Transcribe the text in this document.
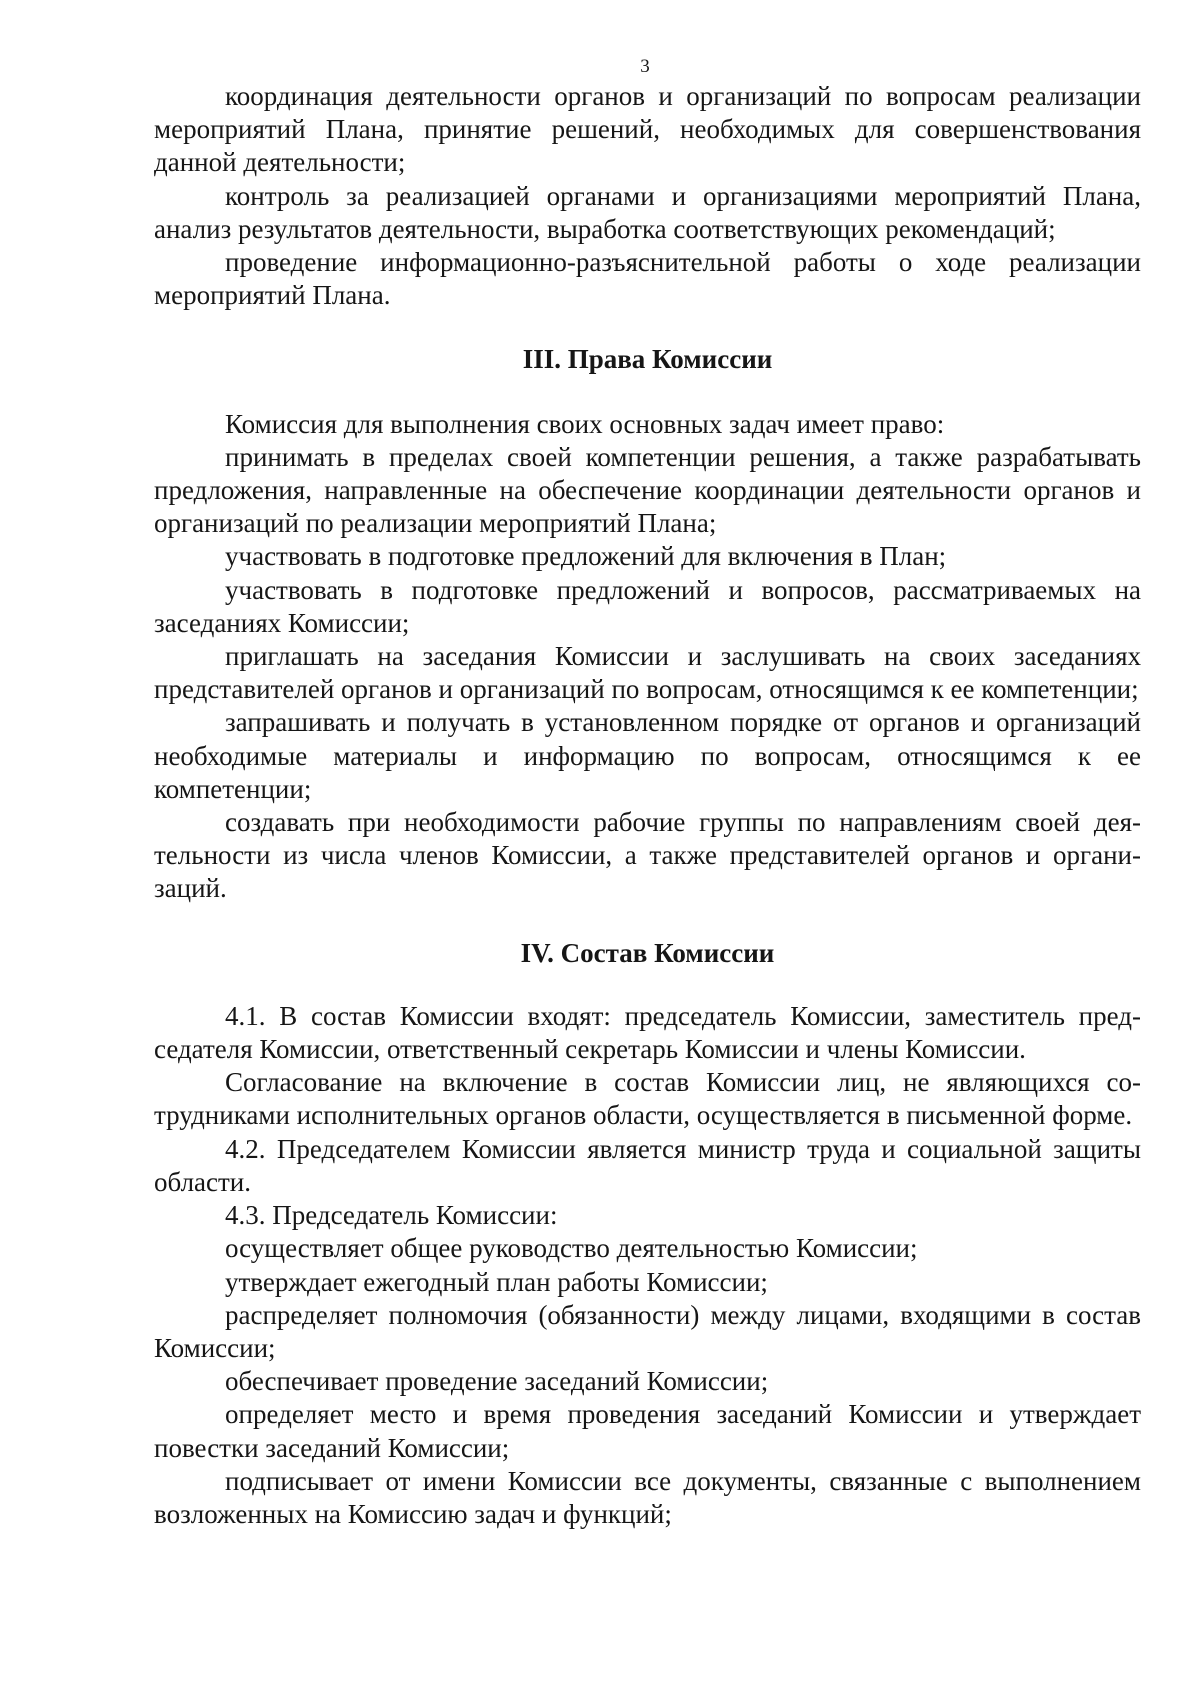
3

координация деятельности органов и организаций по вопросам реализации мероприятий Плана, принятие решений, необходимых для совершенствования данной деятельности;

контроль за реализацией органами и организациями мероприятий Плана, анализ результатов деятельности, выработка соответствующих рекомендаций;

проведение информационно-разъяснительной работы о ходе реализации мероприятий Плана.

III. Права Комиссии

Комиссия для выполнения своих основных задач имеет право:

принимать в пределах своей компетенции решения, а также разрабатывать предложения, направленные на обеспечение координации деятельности органов и организаций по реализации мероприятий Плана;

участвовать в подготовке предложений для включения в План;

участвовать в подготовке предложений и вопросов, рассматриваемых на заседаниях Комиссии;

приглашать на заседания Комиссии и заслушивать на своих заседаниях представителей органов и организаций по вопросам, относящимся к ее компетенции;

запрашивать и получать в установленном порядке от органов и организаций необходимые материалы и информацию по вопросам, относящимся к ее компетенции;

создавать при необходимости рабочие группы по направлениям своей деятельности из числа членов Комиссии, а также представителей органов и организаций.

IV. Состав Комиссии

4.1. В состав Комиссии входят: председатель Комиссии, заместитель председателя Комиссии, ответственный секретарь Комиссии и члены Комиссии.

Согласование на включение в состав Комиссии лиц, не являющихся сотрудниками исполнительных органов области, осуществляется в письменной форме.

4.2. Председателем Комиссии является министр труда и социальной защиты области.

4.3. Председатель Комиссии:

осуществляет общее руководство деятельностью Комиссии;

утверждает ежегодный план работы Комиссии;

распределяет полномочия (обязанности) между лицами, входящими в состав Комиссии;

обеспечивает проведение заседаний Комиссии;

определяет место и время проведения заседаний Комиссии и утверждает повестки заседаний Комиссии;

подписывает от имени Комиссии все документы, связанные с выполнением возложенных на Комиссию задач и функций;
